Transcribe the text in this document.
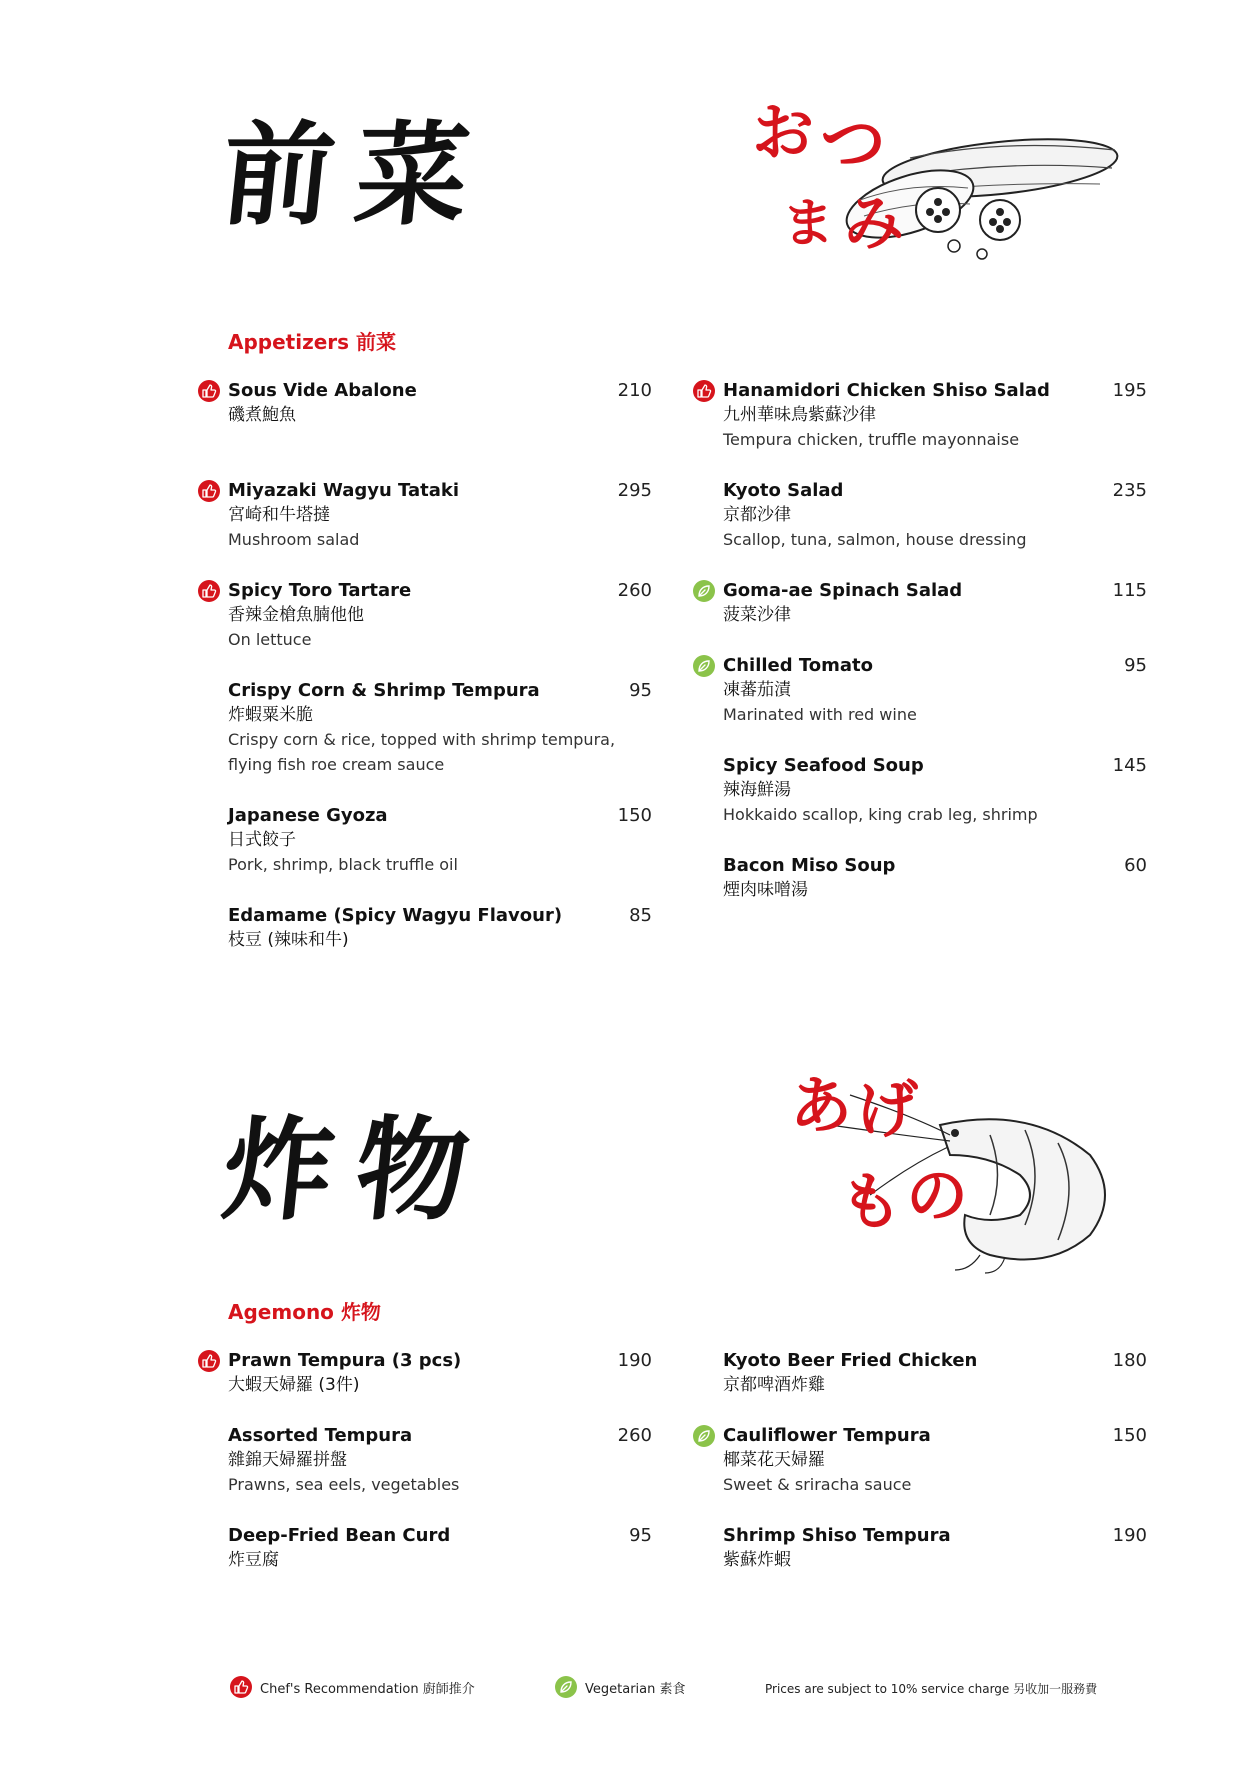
前菜	お つ
ま み
Appetizers 前菜
Sous Vide Abalone	210
磯煮鮑魚
Miyazaki Wagyu Tataki	295
宮崎和牛塔撻
Mushroom salad
Spicy Toro Tartare	260
香辣金槍魚腩他他
On lettuce
Crispy Corn & Shrimp Tempura	95
炸蝦粟米脆
Crispy corn & rice, topped with shrimp tempura,
flying fish roe cream sauce
Japanese Gyoza	150
日式餃子
Pork, shrimp, black truffle oil
Edamame (Spicy Wagyu Flavour)	85
枝豆 (辣味和牛)
Hanamidori Chicken Shiso Salad	195
九州華味鳥紫蘇沙律
Tempura chicken, truffle mayonnaise
Kyoto Salad	235
京都沙律
Scallop, tuna, salmon, house dressing
Goma-ae Spinach Salad	115
菠菜沙律
Chilled Tomato	95
凍蕃茄漬
Marinated with red wine
Spicy Seafood Soup	145
辣海鮮湯
Hokkaido scallop, king crab leg, shrimp
Bacon Miso Soup	60
煙肉味噌湯
炸物	あ げ
も の
Agemono 炸物
Prawn Tempura (3 pcs)	190
大蝦天婦羅 (3件)
Assorted Tempura	260
雜錦天婦羅拼盤
Prawns, sea eels, vegetables
Deep-Fried Bean Curd	95
炸豆腐
Kyoto Beer Fried Chicken	180
京都啤酒炸雞
Cauliflower Tempura	150
椰菜花天婦羅
Sweet & sriracha sauce
Shrimp Shiso Tempura	190
紫蘇炸蝦
Chef's Recommendation 廚師推介	Vegetarian 素食	Prices are subject to 10% service charge 另收加一服務費
